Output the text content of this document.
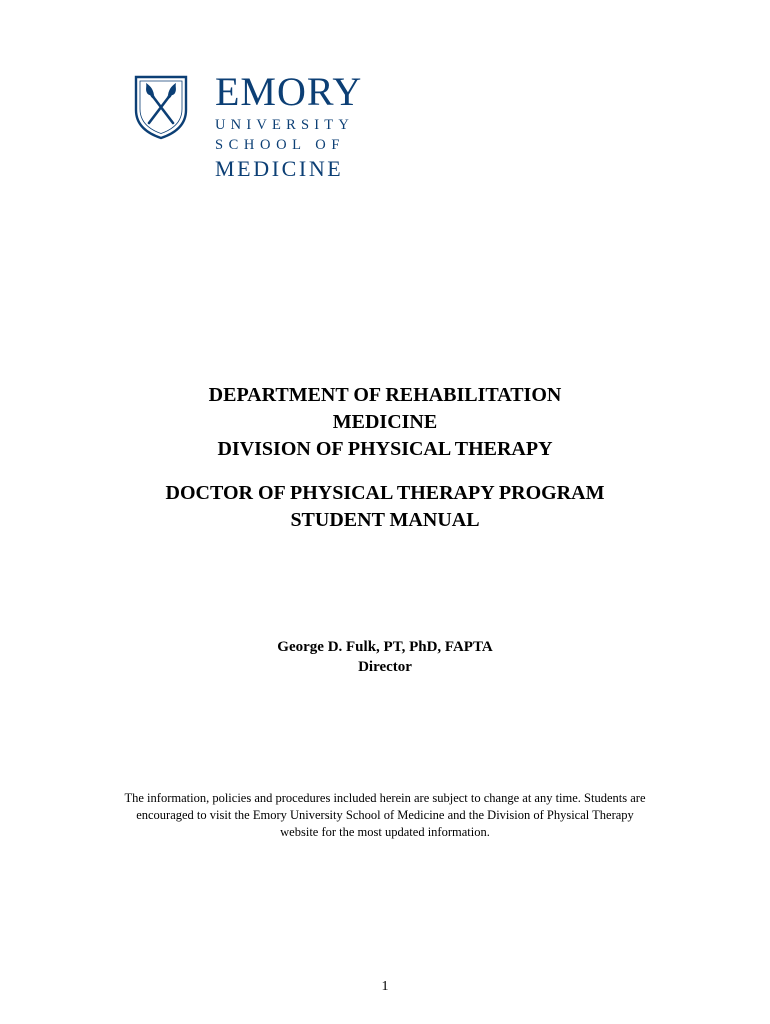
EMORY
UNIVERSITY
SCHOOL OF
MEDICINE
DEPARTMENT OF REHABILITATION
MEDICINE
DIVISION OF PHYSICAL THERAPY
DOCTOR OF PHYSICAL THERAPY PROGRAM
STUDENT MANUAL
George D. Fulk, PT, PhD, FAPTA
Director
The information, policies and procedures included herein are subject to change at any time. Students are
encouraged to visit the Emory University School of Medicine and the Division of Physical Therapy
website for the most updated information.
1
